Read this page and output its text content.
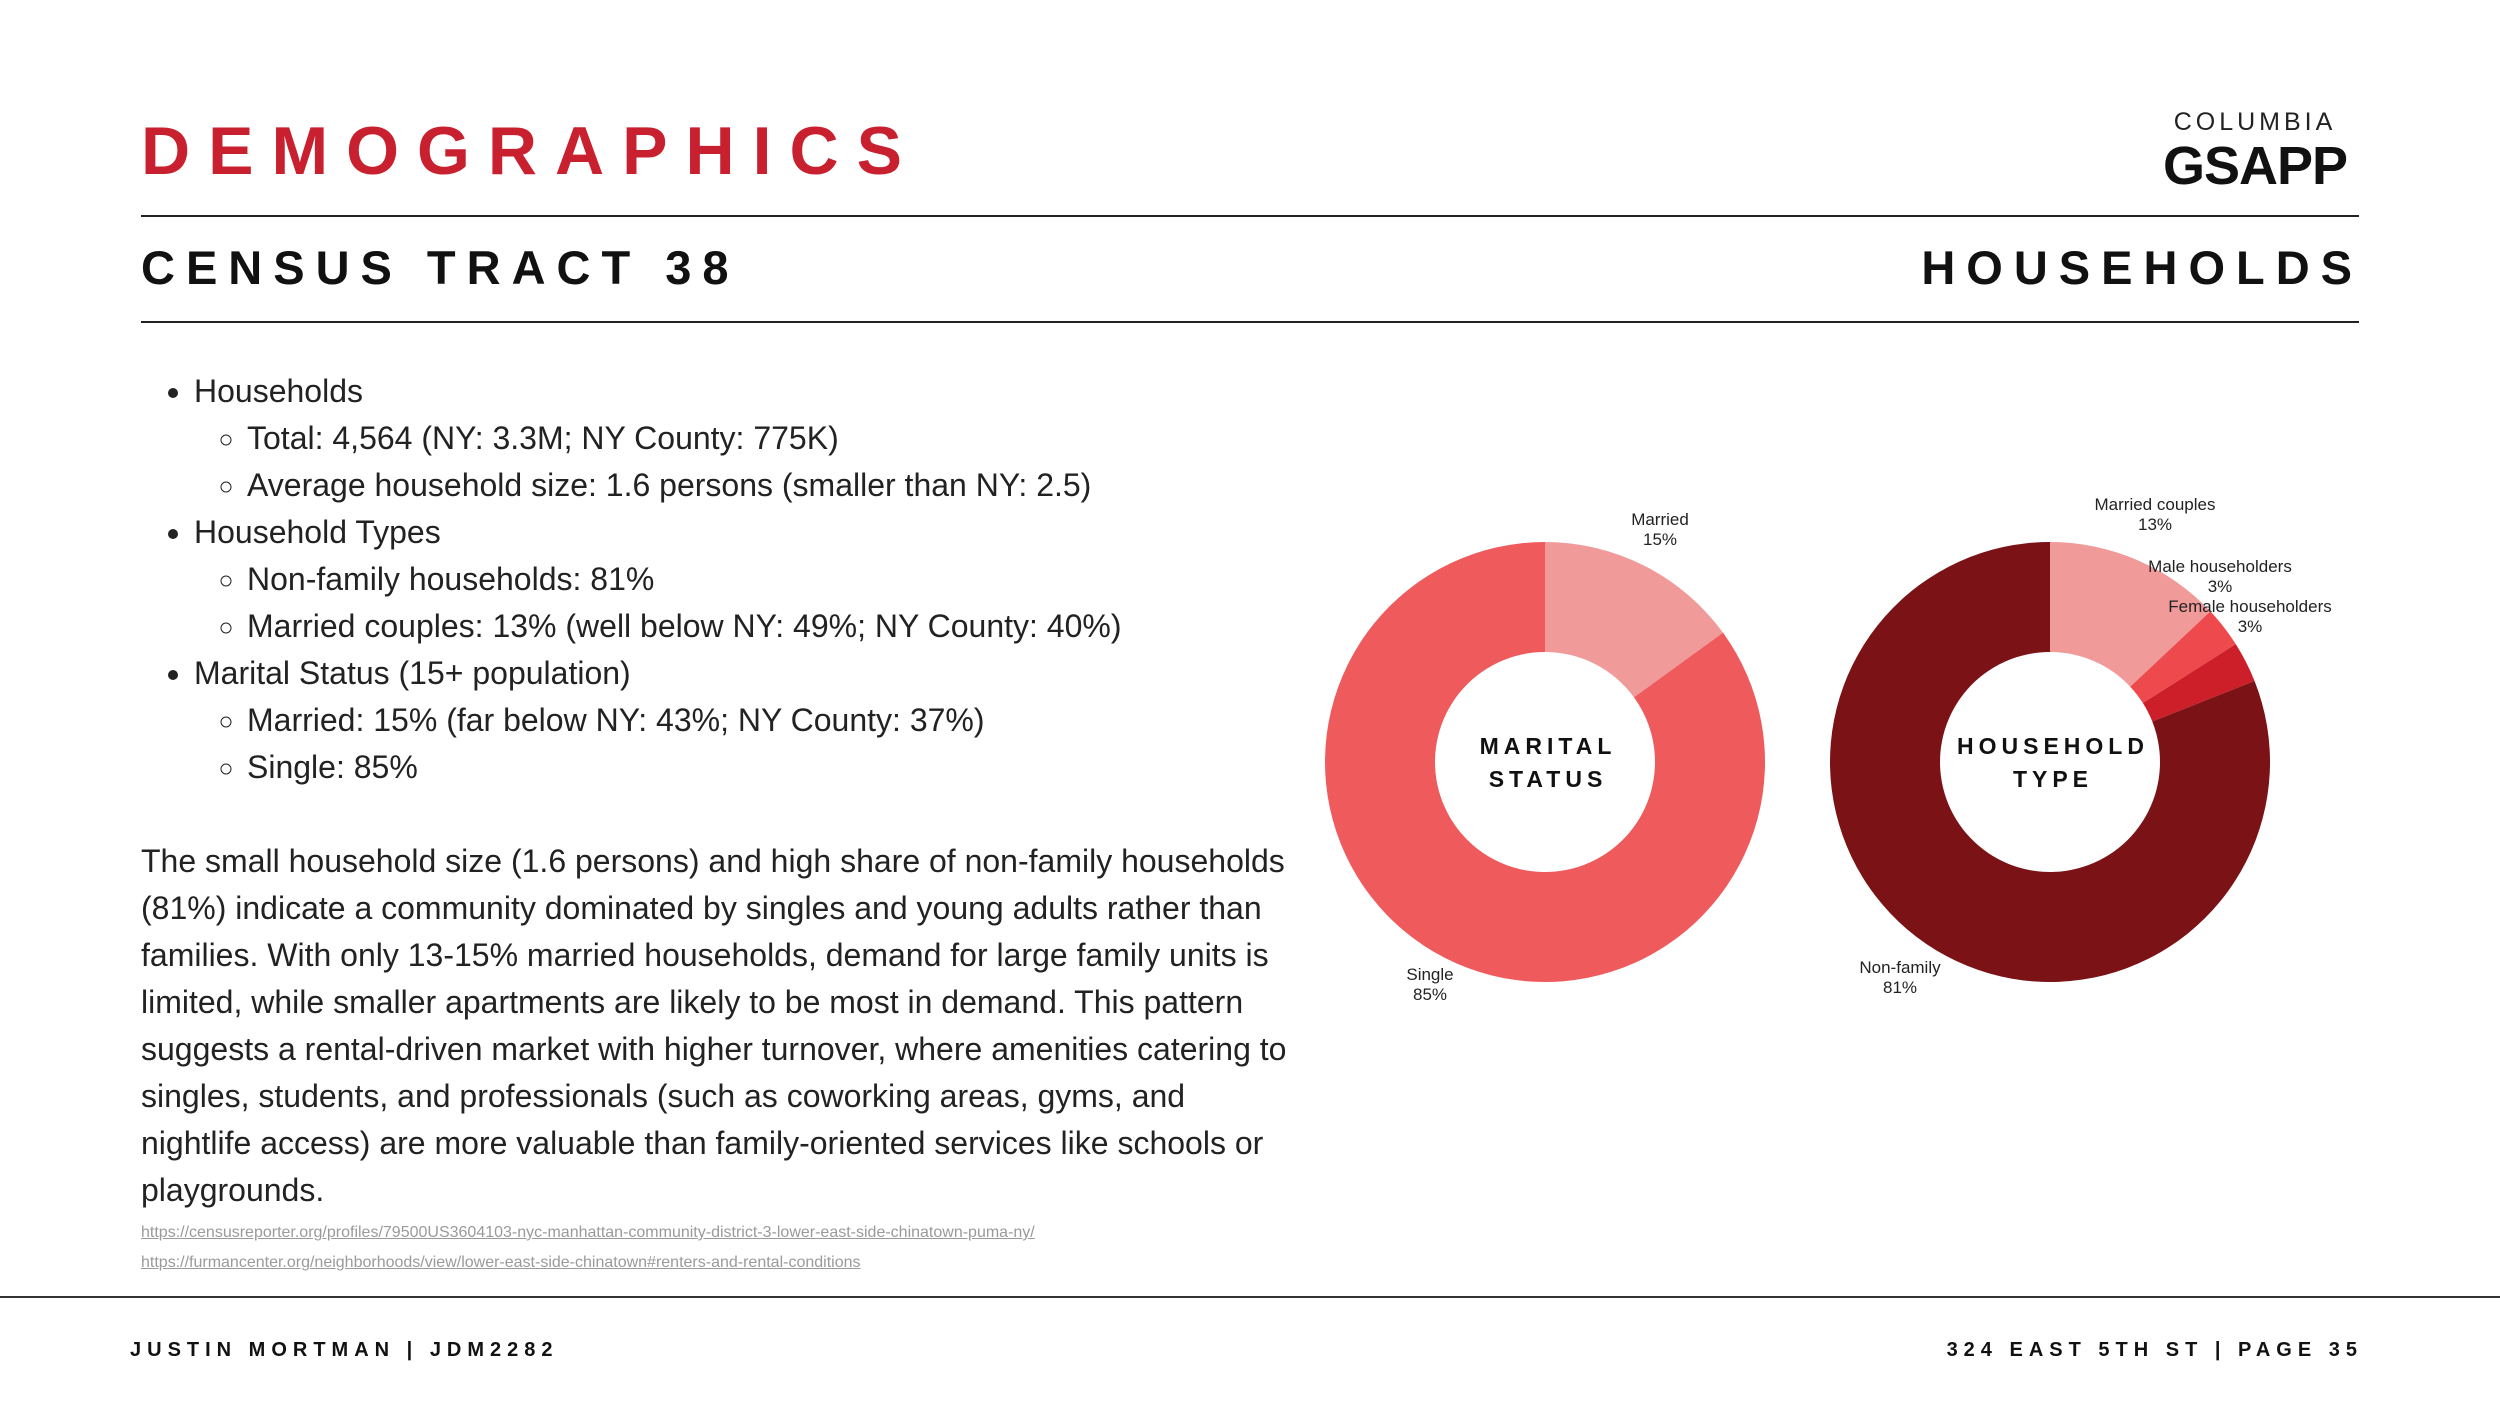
DEMOGRAPHICS	COLUMBIA
GSAPP
CENSUS TRACT 38	HOUSEHOLDS
• Households
◦ Total: 4,564 (NY: 3.3M; NY County: 775K)
◦ Average household size: 1.6 persons (smaller than NY: 2.5)
• Household Types
◦ Non-family households: 81%
◦ Married couples: 13% (well below NY: 49%; NY County: 40%)
• Marital Status (15+ population)
◦ Married: 15% (far below NY: 43%; NY County: 37%)
◦ Single: 85%

The small household size (1.6 persons) and high share of non-family households (81%) indicate a community dominated by singles and young adults rather than families. With only 13-15% married households, demand for large family units is limited, while smaller apartments are likely to be most in demand. This pattern suggests a rental-driven market with higher turnover, where amenities catering to singles, students, and professionals (such as coworking areas, gyms, and nightlife access) are more valuable than family-oriented services like schools or playgrounds.

https://censusreporter.org/profiles/79500US3604103-nyc-manhattan-community-district-3-lower-east-side-chinatown-puma-ny/
https://furmancenter.org/neighborhoods/view/lower-east-side-chinatown#renters-and-rental-conditions
Married 15%
Single 85%
MARITAL STATUS
Married couples 13%
Male householders 3%
Female householders 3%
Non-family 81%
HOUSEHOLD TYPE
JUSTIN MORTMAN | JDM2282	324 EAST 5TH ST | PAGE 35
